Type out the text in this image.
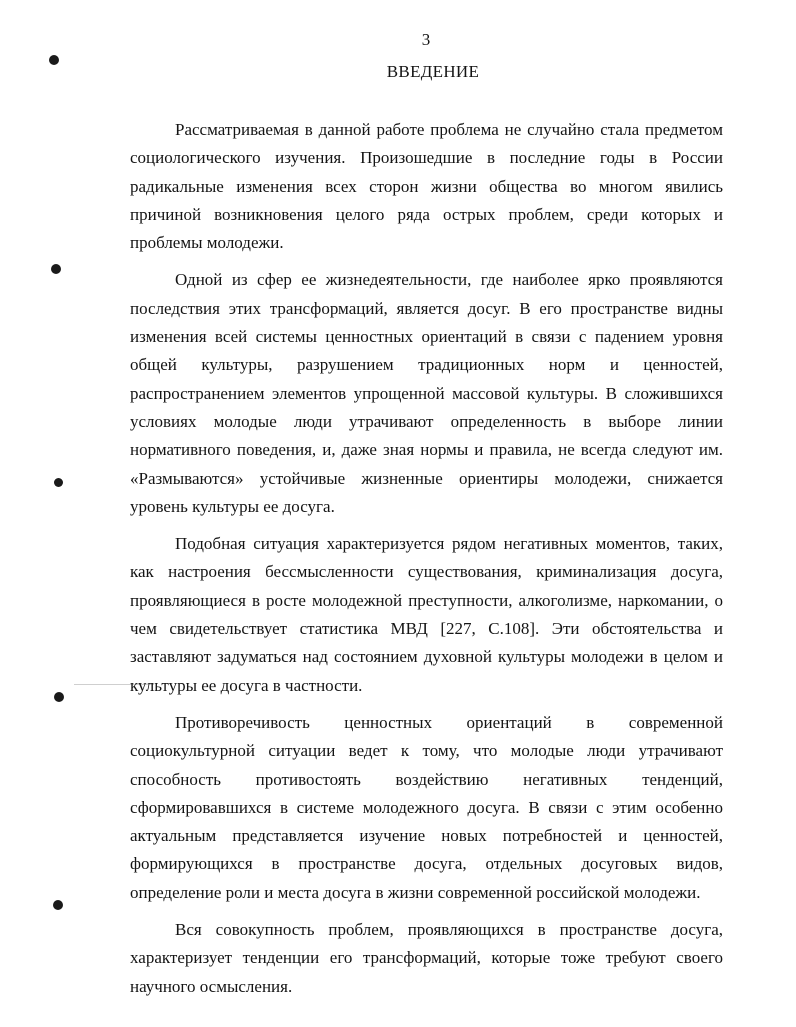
3
ВВЕДЕНИЕ

Рассматриваемая в данной работе проблема не случайно стала предметом социологического изучения. Произошедшие в последние годы в России радикальные изменения всех сторон жизни общества во многом явились причиной возникновения целого ряда острых проблем, среди которых и проблемы молодежи.

Одной из сфер ее жизнедеятельности, где наиболее ярко проявляются последствия этих трансформаций, является досуг. В его пространстве видны изменения всей системы ценностных ориентаций в связи с падением уровня общей культуры, разрушением традиционных норм и ценностей, распространением элементов упрощенной массовой культуры. В сложившихся условиях молодые люди утрачивают определенность в выборе линии нормативного поведения, и, даже зная нормы и правила, не всегда следуют им. «Размываются» устойчивые жизненные ориентиры молодежи, снижается уровень культуры ее досуга.

Подобная ситуация характеризуется рядом негативных моментов, таких, как настроения бессмысленности существования, криминализация досуга, проявляющиеся в росте молодежной преступности, алкоголизме, наркомании, о чем свидетельствует статистика МВД [227, С.108]. Эти обстоятельства и заставляют задуматься над состоянием духовной культуры молодежи в целом и культуры ее досуга в частности.

Противоречивость ценностных ориентаций в современной социокультурной ситуации ведет к тому, что молодые люди утрачивают способность противостоять воздействию негативных тенденций, сформировавшихся в системе молодежного досуга. В связи с этим особенно актуальным представляется изучение новых потребностей и ценностей, формирующихся в пространстве досуга, отдельных досуговых видов, определение роли и места досуга в жизни современной российской молодежи.

Вся совокупность проблем, проявляющихся в пространстве досуга, характеризует тенденции его трансформаций, которые тоже требуют своего научного осмысления.
